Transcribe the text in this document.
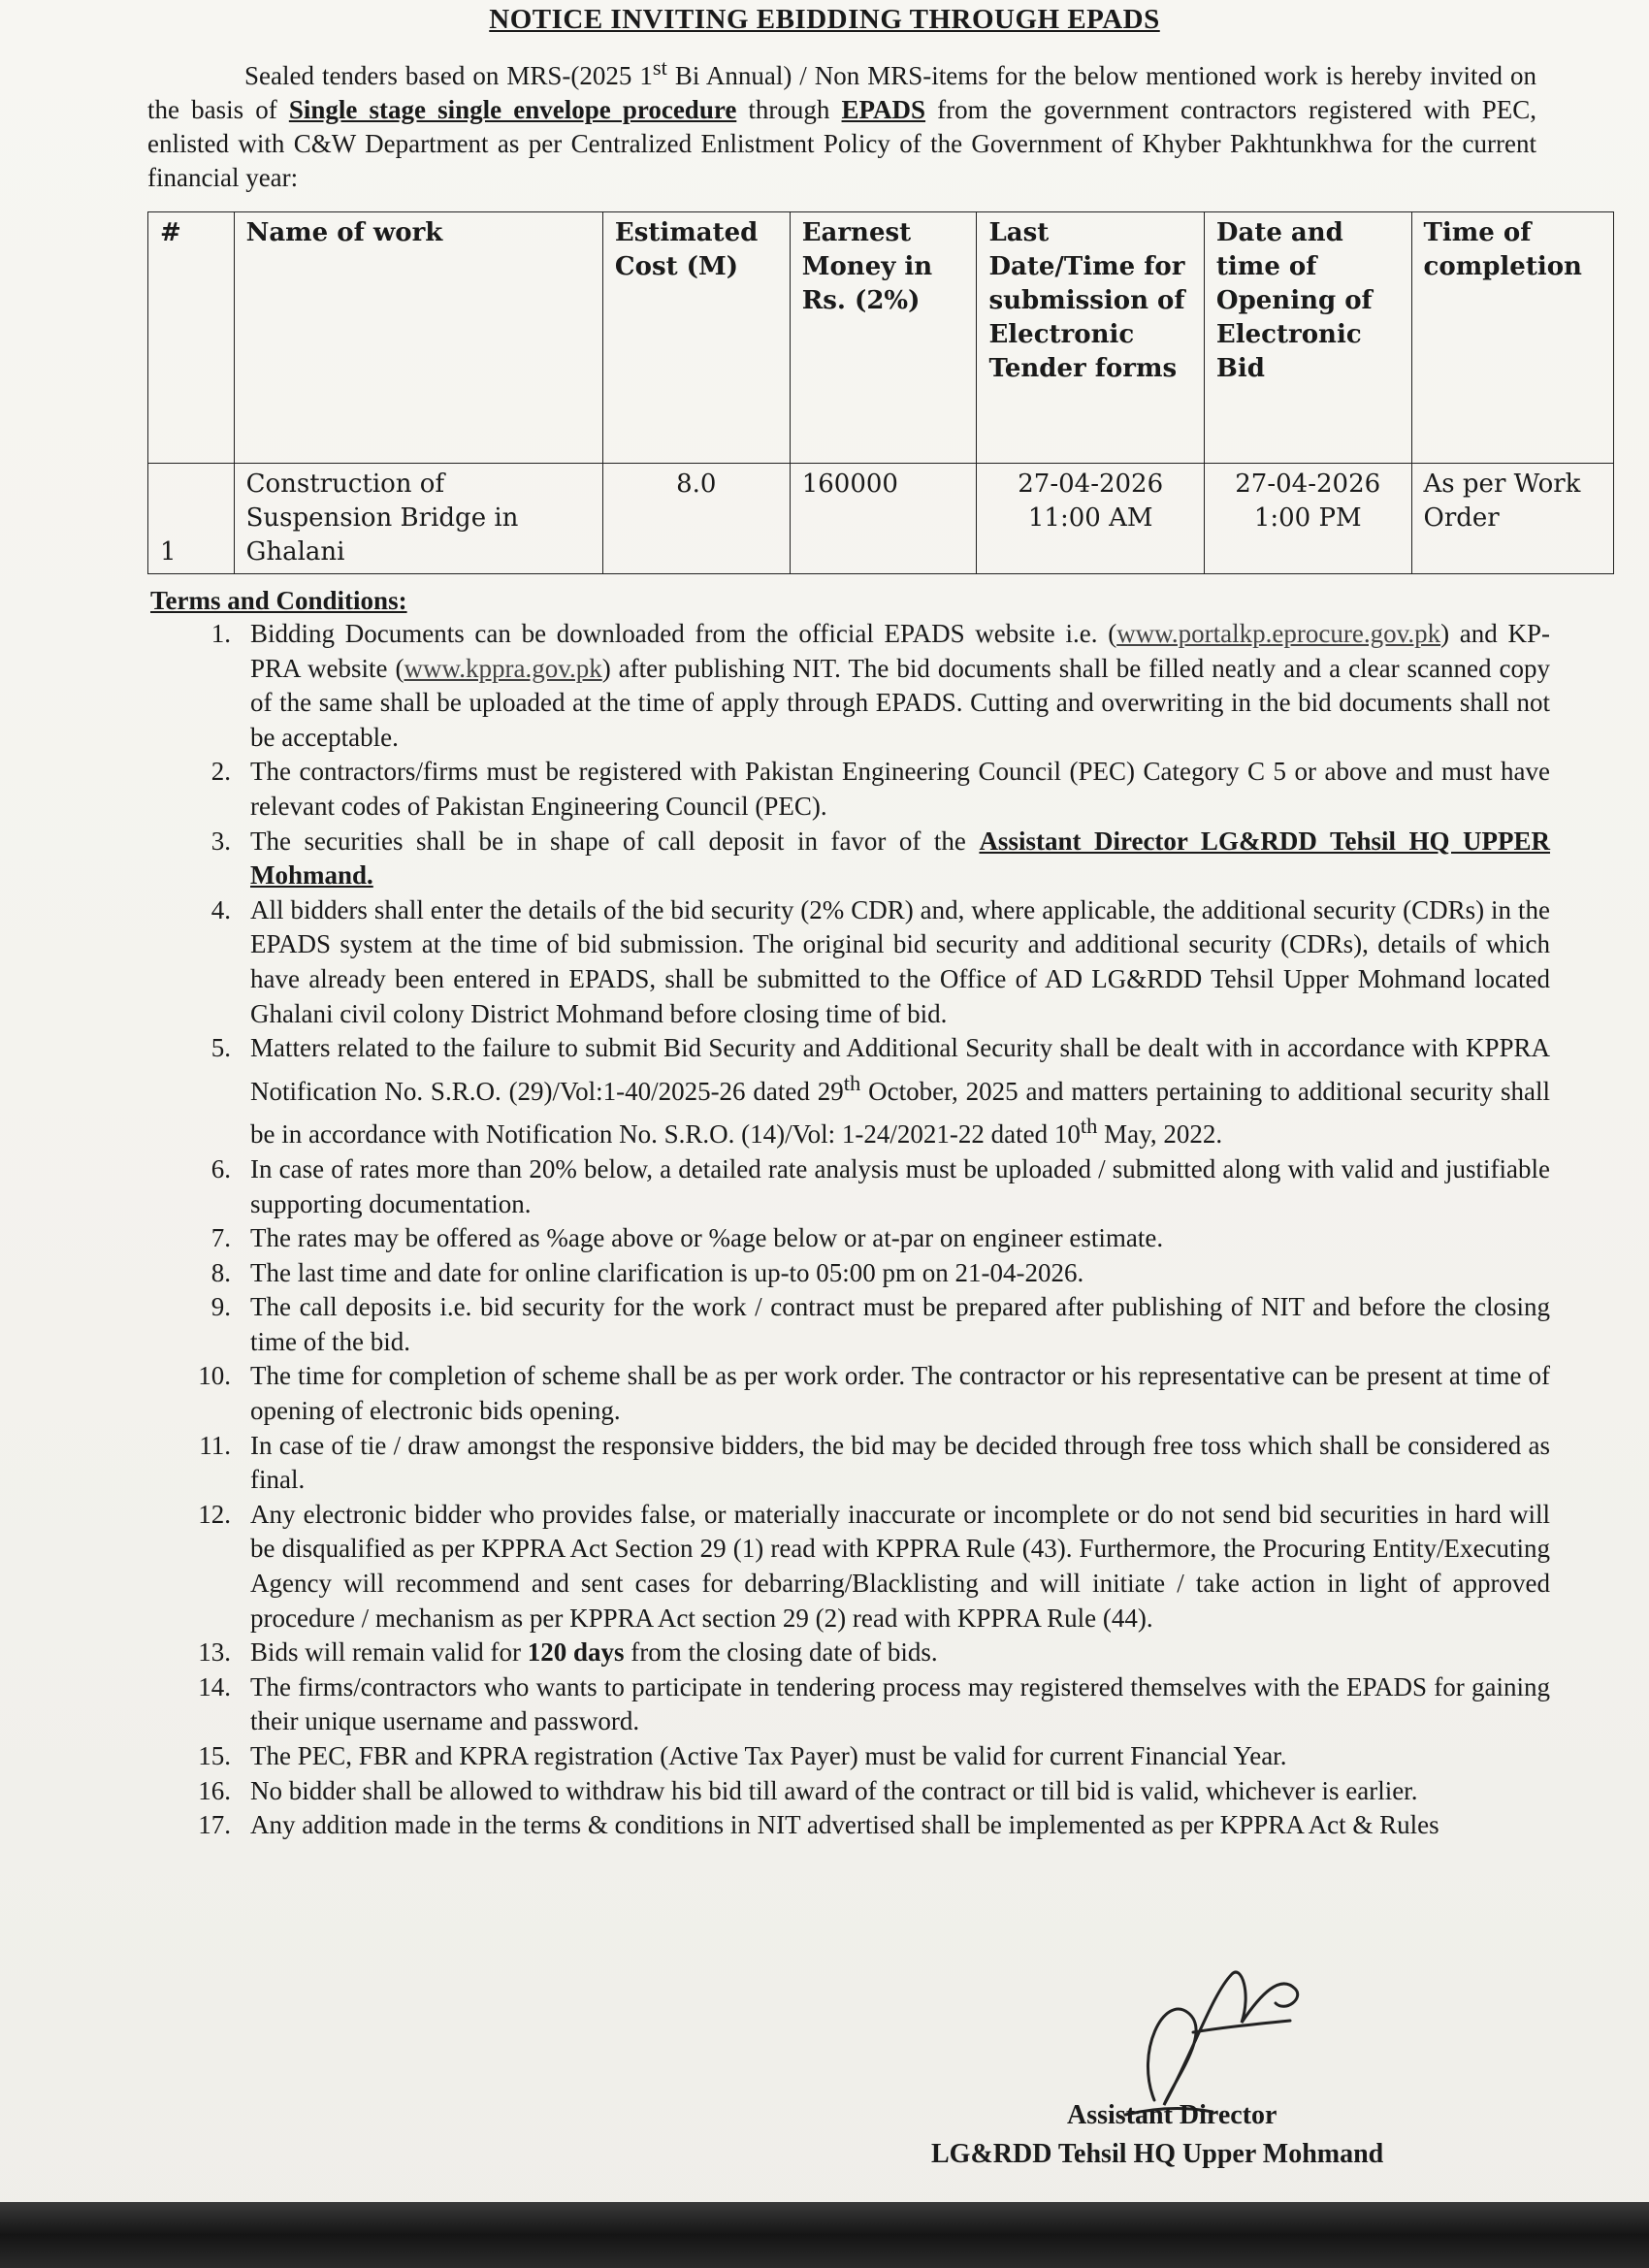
NOTICE INVITING EBIDDING THROUGH EPADS

Sealed tenders based on MRS-(2025 1st Bi Annual) / Non MRS-items for the below mentioned work is hereby invited on the basis of Single stage single envelope procedure through EPADS from the government contractors registered with PEC, enlisted with C&W Department as per Centralized Enlistment Policy of the Government of Khyber Pakhtunkhwa for the current financial year:

#	Name of work	Estimated Cost (M)	Earnest Money in Rs. (2%)	Last Date/Time for submission of Electronic Tender forms	Date and time of Opening of Electronic Bid	Time of completion
1	Construction of Suspension Bridge in Ghalani	8.0	160000	27-04-2026 11:00 AM	27-04-2026 1:00 PM	As per Work Order
Terms and Conditions:
1. Bidding Documents can be downloaded from the official EPADS website i.e. (www.portalkp.eprocure.gov.pk) and KP-PRA website (www.kppra.gov.pk) after publishing NIT. The bid documents shall be filled neatly and a clear scanned copy of the same shall be uploaded at the time of apply through EPADS. Cutting and overwriting in the bid documents shall not be acceptable.
2. The contractors/firms must be registered with Pakistan Engineering Council (PEC) Category C 5 or above and must have relevant codes of Pakistan Engineering Council (PEC).
3. The securities shall be in shape of call deposit in favor of the Assistant Director LG&RDD Tehsil HQ UPPER Mohmand.
4. All bidders shall enter the details of the bid security (2% CDR) and, where applicable, the additional security (CDRs) in the EPADS system at the time of bid submission. The original bid security and additional security (CDRs), details of which have already been entered in EPADS, shall be submitted to the Office of AD LG&RDD Tehsil Upper Mohmand located Ghalani civil colony District Mohmand before closing time of bid.
5. Matters related to the failure to submit Bid Security and Additional Security shall be dealt with in accordance with KPPRA Notification No. S.R.O. (29)/Vol:1-40/2025-26 dated 29th October, 2025 and matters pertaining to additional security shall be in accordance with Notification No. S.R.O. (14)/Vol: 1-24/2021-22 dated 10th May, 2022.
6. In case of rates more than 20% below, a detailed rate analysis must be uploaded / submitted along with valid and justifiable supporting documentation.
7. The rates may be offered as %age above or %age below or at-par on engineer estimate.
8. The last time and date for online clarification is up-to 05:00 pm on 21-04-2026.
9. The call deposits i.e. bid security for the work / contract must be prepared after publishing of NIT and before the closing time of the bid.
10. The time for completion of scheme shall be as per work order. The contractor or his representative can be present at time of opening of electronic bids opening.
11. In case of tie / draw amongst the responsive bidders, the bid may be decided through free toss which shall be considered as final.
12. Any electronic bidder who provides false, or materially inaccurate or incomplete or do not send bid securities in hard will be disqualified as per KPPRA Act Section 29 (1) read with KPPRA Rule (43). Furthermore, the Procuring Entity/Executing Agency will recommend and sent cases for debarring/Blacklisting and will initiate / take action in light of approved procedure / mechanism as per KPPRA Act section 29 (2) read with KPPRA Rule (44).
13. Bids will remain valid for 120 days from the closing date of bids.
14. The firms/contractors who wants to participate in tendering process may registered themselves with the EPADS for gaining their unique username and password.
15. The PEC, FBR and KPRA registration (Active Tax Payer) must be valid for current Financial Year.
16. No bidder shall be allowed to withdraw his bid till award of the contract or till bid is valid, whichever is earlier.
17. Any addition made in the terms & conditions in NIT advertised shall be implemented as per KPPRA Act & Rules
Assistant Director
LG&RDD Tehsil HQ Upper Mohmand
